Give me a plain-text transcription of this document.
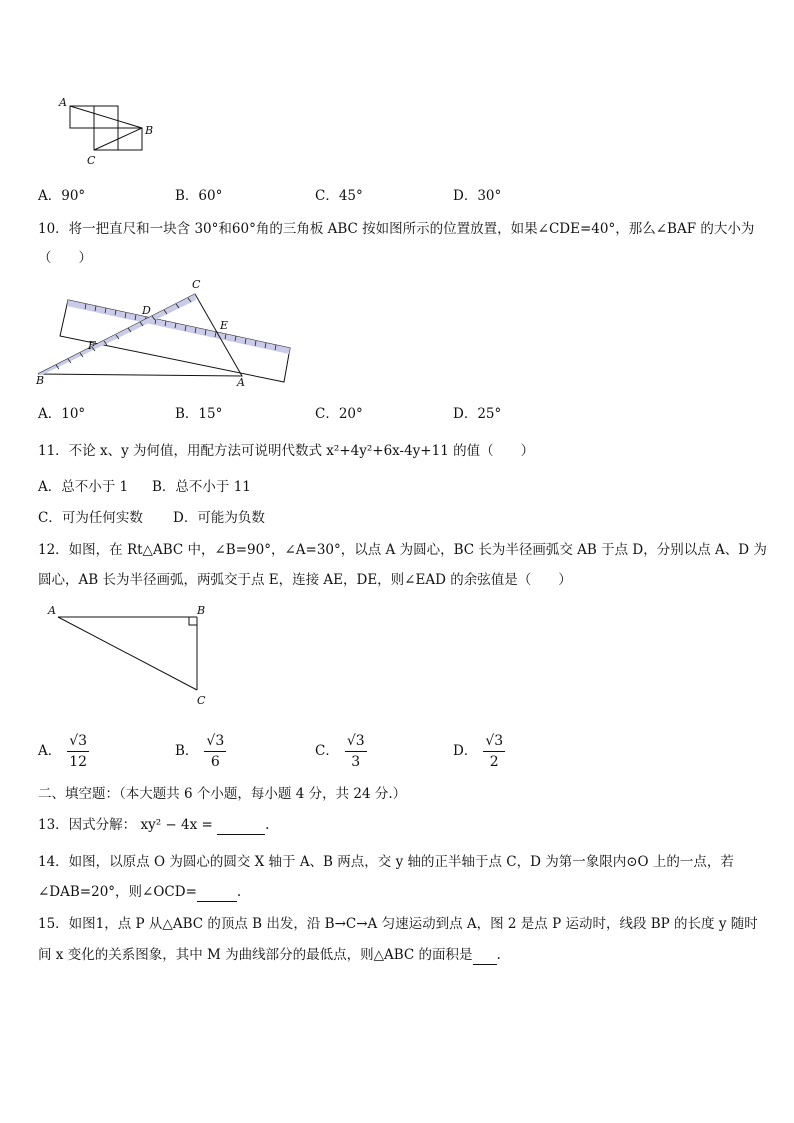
A
B
C
A．90°	B．60°	C．45°	D．30°
10．将一把直尺和一块含 30°和60°角的三角板 ABC 按如图所示的位置放置，如果∠CDE=40°，那么∠BAF 的大小为
（　　）
C
D
E
F
B	A
A．10°	B．15°	C．20°	D．25°
11．不论 x、y 为何值，用配方法可说明代数式 x²+4y²+6x-4y+11 的值（　　）
A．总不小于 1 B．总不小于 11
C．可为任何实数 D．可能为负数
12．如图，在 Rt△ABC 中，∠B=90°，∠A=30°，以点 A 为圆心，BC 长为半径画弧交 AB 于点 D，分别以点 A、D 为
圆心，AB 长为半径画弧，两弧交于点 E，连接 AE，DE，则∠EAD 的余弦值是（　　）
A	B
C
A． $\frac{√3}{12}$	B． $\frac{√3}{6}$	C． $\frac{√3}{3}$	D． $\frac{√3}{2}$
二、填空题：（本大题共 6 个小题，每小题 4 分，共 24 分.）
13．因式分解： xy² − 4x =	.
14．如图，以原点 O 为圆心的圆交 X 轴于 A、B 两点，交 y 轴的正半轴于点 C，D 为第一象限内⊙O 上的一点，若
∠DAB=20°，则∠OCD=	.
15．如图1，点 P 从△ABC 的顶点 B 出发，沿 B→C→A 匀速运动到点 A，图 2 是点 P 运动时，线段 BP 的长度 y 随时
间 x 变化的关系图象，其中 M 为曲线部分的最低点，则△ABC 的面积是 .
